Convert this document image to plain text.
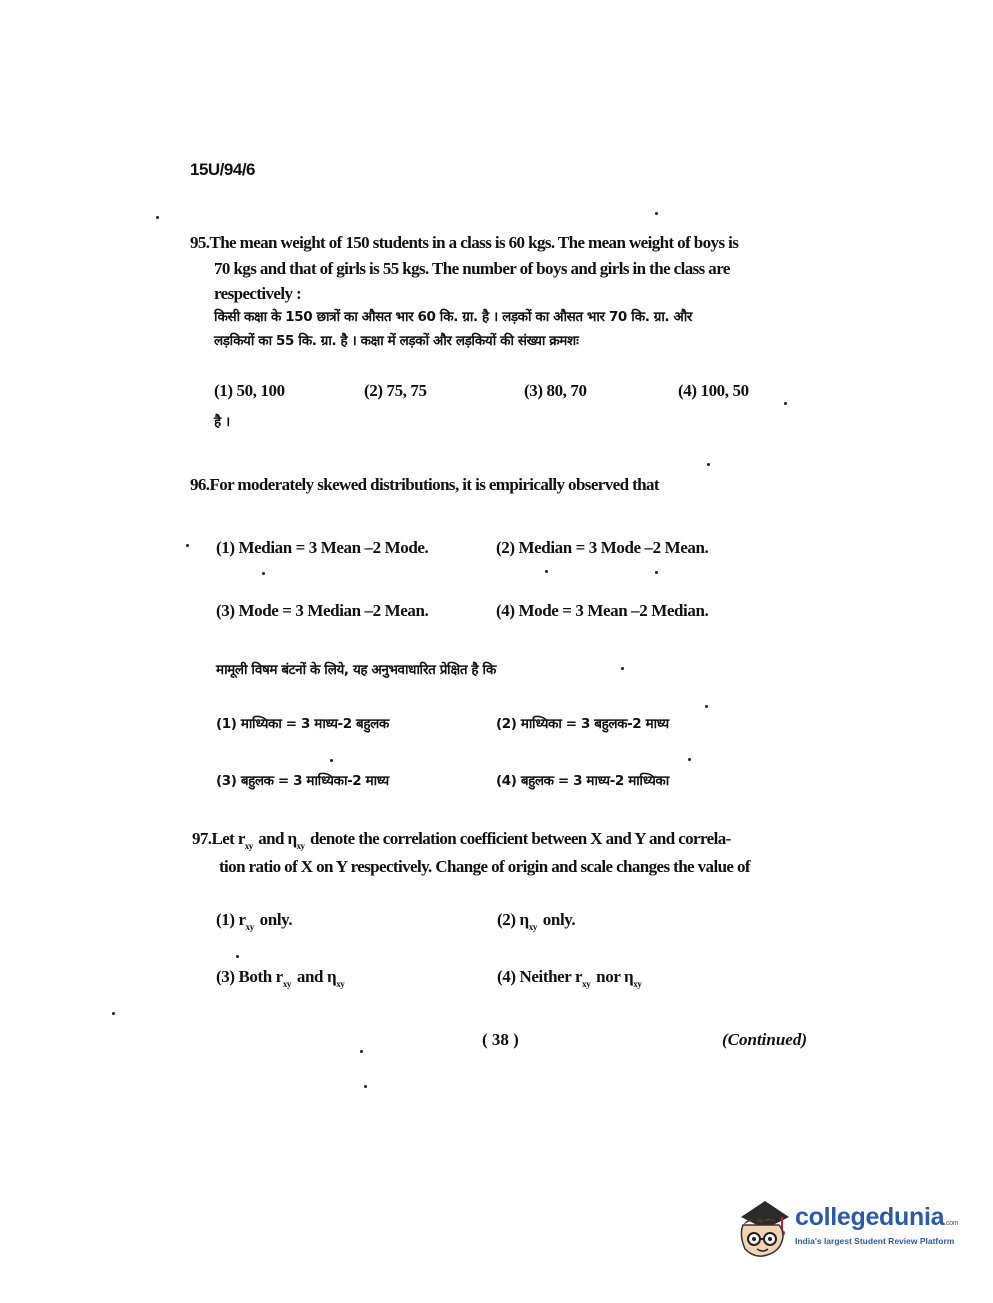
15U/94/6
95.The mean weight of 150 students in a class is 60 kgs. The mean weight of boys is
70 kgs and that of girls is 55 kgs. The number of boys and girls in the class are
respectively :
किसी कक्षा के 150 छात्रों का औसत भार 60 कि. ग्रा. है । लड़कों का औसत भार 70 कि. ग्रा. और
लड़कियों का 55 कि. ग्रा. है । कक्षा में लड़कों और लड़कियों की संख्या क्रमशः
(1) 50, 100	(2) 75, 75	(3) 80, 70	(4) 100, 50
है ।
96.For moderately skewed distributions, it is empirically observed that
(1) Median = 3 Mean –2 Mode.	(2) Median = 3 Mode –2 Mean.
(3) Mode = 3 Median –2 Mean.	(4) Mode = 3 Mean –2 Median.
मामूली विषम बंटनों के लिये, यह अनुभवाधारित प्रेक्षित है कि
(1) माध्यिका = 3 माध्य-2 बहुलक	(2) माध्यिका = 3 बहुलक-2 माध्य
(3) बहुलक = 3 माध्यिका-2 माध्य	(4) बहुलक = 3 माध्य-2 माध्यिका
97.Let $r_{xy}$ and $\eta_{xy}$ denote the correlation coefficient between X and Y and correla-
tion ratio of X on Y respectively. Change of origin and scale changes the value of
(1) $r_{xy}$ only.	(2) $\eta_{xy}$ only.
(3) Both $r_{xy}$ and $\eta_{xy}$	(4) Neither $r_{xy}$ nor $\eta_{xy}$
( 38 )	(Continued)
collegedunia.com
India's largest Student Review Platform
